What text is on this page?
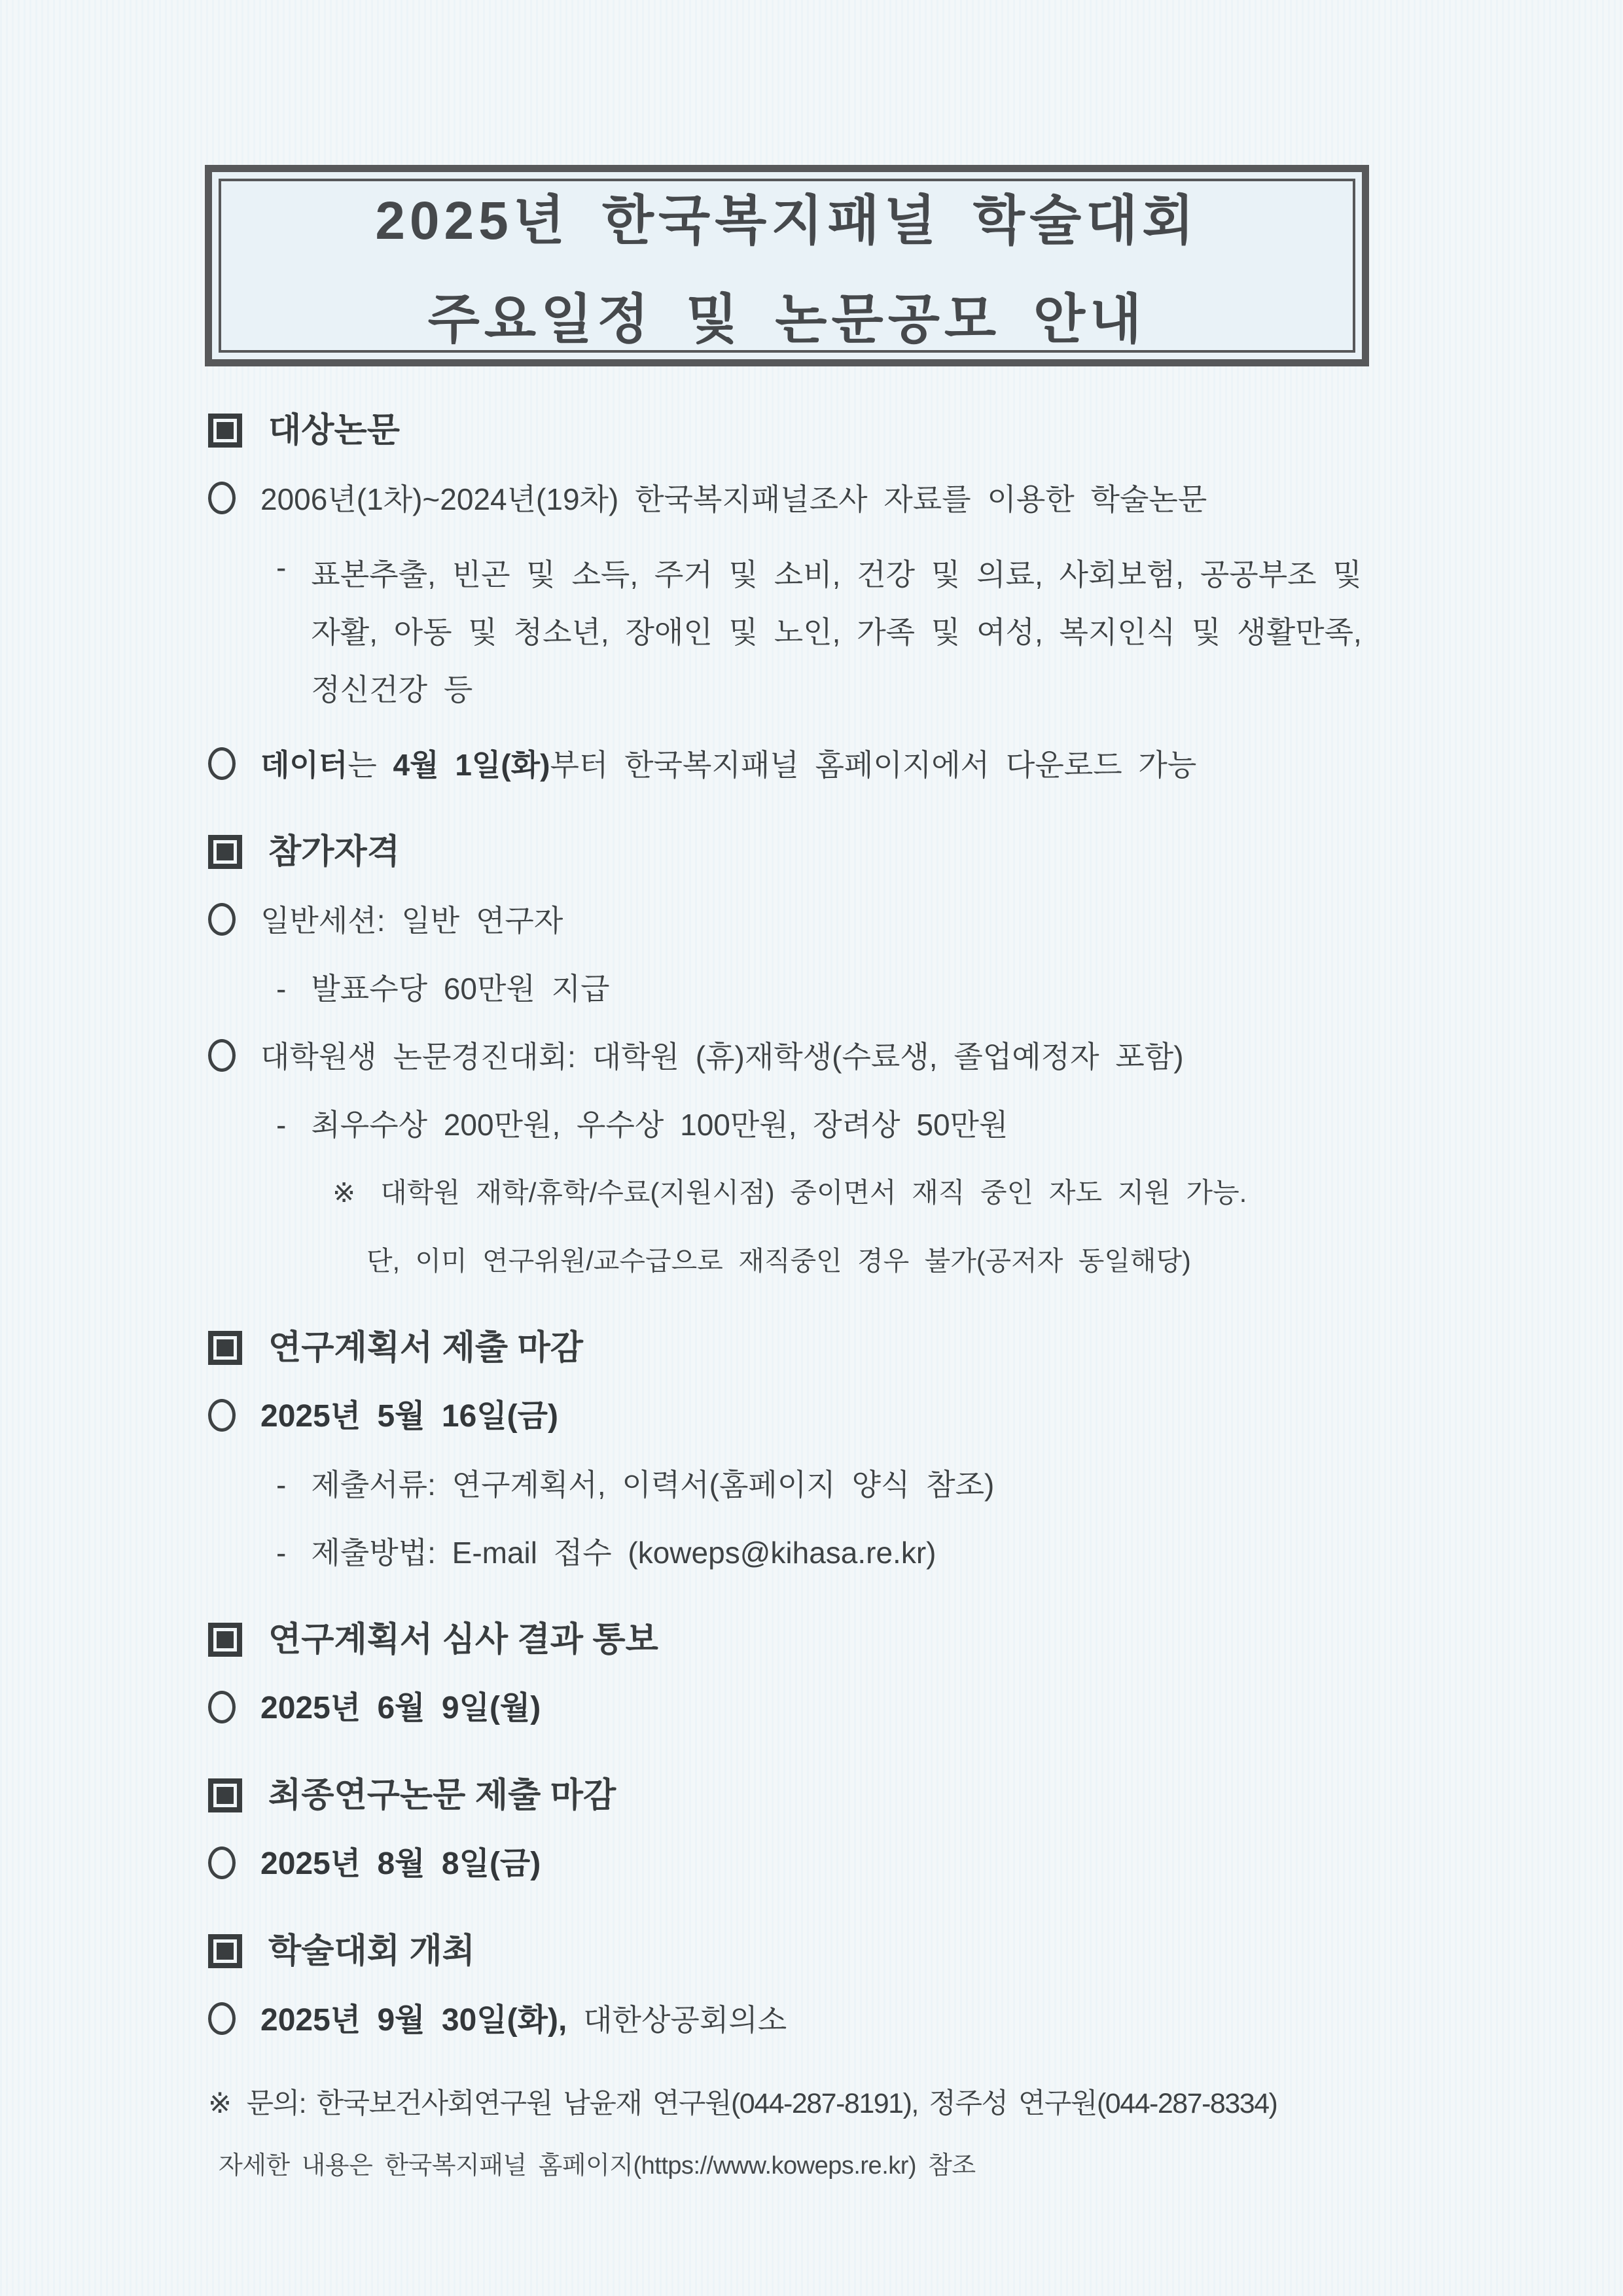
2025년 한국복지패널 학술대회
주요일정 및 논문공모 안내
대상논문
2006년(1차)~2024년(19차) 한국복지패널조사 자료를 이용한 학술논문
- 표본추출, 빈곤 및 소득, 주거 및 소비, 건강 및 의료, 사회보험, 공공부조 및
자활, 아동 및 청소년, 장애인 및 노인, 가족 및 여성, 복지인식 및 생활만족,
정신건강 등
데이터는 4월 1일(화)부터 한국복지패널 홈페이지에서 다운로드 가능
참가자격
일반세션: 일반 연구자
- 발표수당 60만원 지급
대학원생 논문경진대회: 대학원 (휴)재학생(수료생, 졸업예정자 포함)
- 최우수상 200만원, 우수상 100만원, 장려상 50만원
※ 대학원 재학/휴학/수료(지원시점) 중이면서 재직 중인 자도 지원 가능.
단, 이미 연구위원/교수급으로 재직중인 경우 불가(공저자 동일해당)
연구계획서 제출 마감
2025년 5월 16일(금)
- 제출서류: 연구계획서, 이력서(홈페이지 양식 참조)
- 제출방법: E-mail 접수 (koweps@kihasa.re.kr)
연구계획서 심사 결과 통보
2025년 6월 9일(월)
최종연구논문 제출 마감
2025년 8월 8일(금)
학술대회 개최
2025년 9월 30일(화), 대한상공회의소
※ 문의: 한국보건사회연구원 남윤재 연구원(044-287-8191), 정주성 연구원(044-287-8334)
자세한 내용은 한국복지패널 홈페이지(https://www.koweps.re.kr) 참조
